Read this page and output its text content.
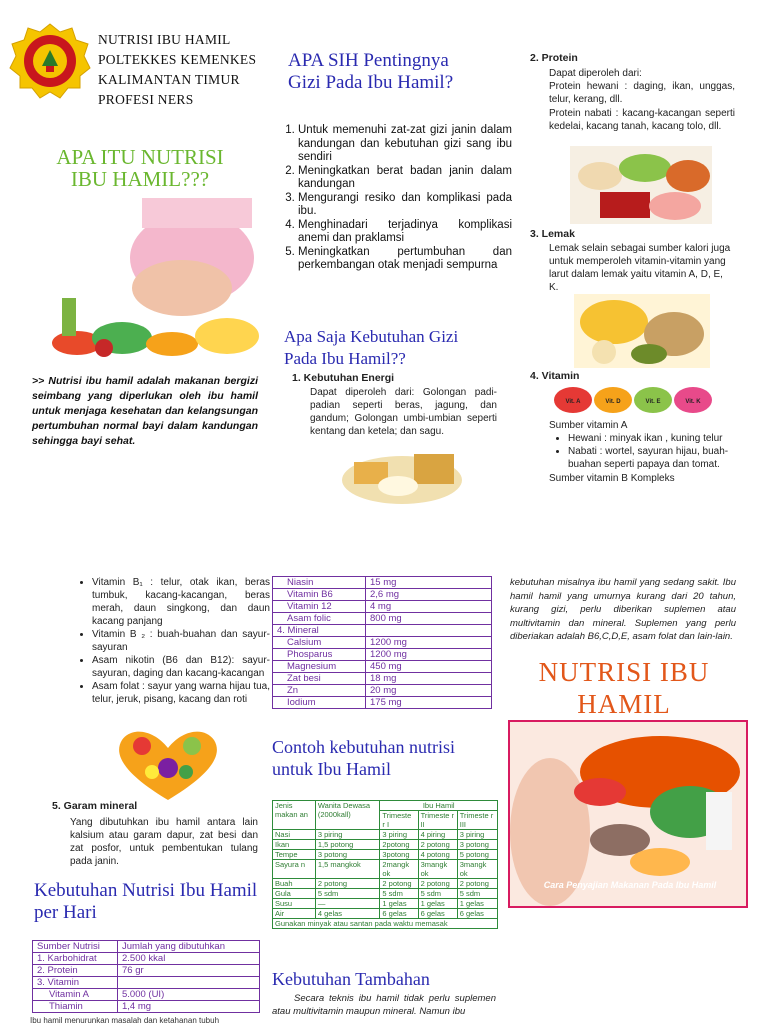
NUTRISI IBU HAMIL
POLTEKKES KEMENKES
KALIMANTAN TIMUR
PROFESI NERS
APA ITU NUTRISI IBU HAMIL???
>> Nutrisi ibu hamil adalah makanan bergizi seimbang yang diperlukan oleh ibu hamil untuk menjaga kesehatan dan kelangsungan pertumbuhan normal bayi dalam kandungan sehingga bayi sehat.
APA SIH Pentingnya Gizi Pada Ibu Hamil?
1. Untuk memenuhi zat-zat gizi janin dalam kandungan dan kebutuhan gizi sang ibu sendiri
2. Meningkatkan berat badan janin dalam kandungan
3. Mengurangi resiko dan komplikasi pada ibu.
4. Menghinadari terjadinya komplikasi anemi dan praklamsi
5. Meningkatkan pertumbuhan dan perkembangan otak menjadi sempurna
Apa Saja Kebutuhan Gizi Pada Ibu Hamil??
1. Kebutuhan Energi
Dapat diperoleh dari: Golongan padi-padian seperti beras, jagung, dan gandum; Golongan umbi-umbian seperti kentang dan ketela; dan sagu.
2. Protein
Dapat diperoleh dari:
Protein hewani : daging, ikan, unggas, telur, kerang, dll.
Protein nabati : kacang-kacangan seperti kedelai, kacang tanah, kacang tolo, dll.
3. Lemak
Lemak selain sebagai sumber kalori juga untuk memperoleh vitamin-vitamin yang larut dalam lemak yaitu vitamin A, D, E, K.
4. Vitamin
Vit. A	Vit. D	Vit. E	Vit. K
Sumber vitamin A
• Hewani : minyak ikan , kuning telur
• Nabati : wortel, sayuran hijau, buah-buahan seperti papaya dan tomat.
Sumber vitamin B Kompleks
• Vitamin B₁ : telur, otak ikan, beras tumbuk, kacang-kacangan, beras merah, daun singkong, dan daun kacang panjang
• Vitamin B ₂ : buah-buahan dan sayur-sayuran
• Asam nikotin (B6 dan B12): sayur-sayuran, daging dan kacang-kacangan
• Asam folat : sayur yang warna hijau tua, telur, jeruk, pisang, kacang dan roti
5. Garam mineral
Yang dibutuhkan ibu hamil antara lain kalsium atau garam dapur, zat besi dan zat posfor, untuk pembentukan tulang pada janin.
Kebutuhan Nutrisi Ibu Hamil per Hari
Sumber Nutrisi	Jumlah yang dibutuhkan
1. Karbohidrat	2.500 kkal
2. Protein	76 gr
3. Vitamin	
Vitamin A	5.000 (UI)
Thiamin	1,4 mg
Ibu hamil menurunkan masalah dan ketahanan tubuh
Niasin	15 mg
Vitamin B6	2,6 mg
Vitamin 12	4 mg
Asam folic	800 mg
4. Mineral	
Calsium	1200 mg
Phosparus	1200 mg
Magnesium	450 mg
Zat besi	18 mg
Zn	20 mg
Iodium	175 mg
Contoh kebutuhan nutrisi untuk Ibu Hamil
Jenis makan an	Wanita Dewasa (2000kall)	Ibu Hamil		
		Trimeste r I	Trimeste r II	Trimeste r III
Nasi	3 piring	3 piring	4 piring	3 piring
Ikan	1,5 potong	2potong	2 potong	3 potong
Tempe	3 potong	3potong	4 potong	5 potong
Sayura n	1,5 mangkok	2mangk ok	3mangk ok	3mangk ok
Buah	2 potong	2 potong	2 potong	2 potong
Gula	5 sdm	5 sdm	5 sdm	5 sdm
Susu	—	1 gelas	1 gelas	1 gelas
Air	4 gelas	6 gelas	6 gelas	6 gelas
Gunakan minyak atau santan pada waktu memasak				
Kebutuhan Tambahan
Secara teknis ibu hamil tidak perlu suplemen atau multivitamin maupun mineral. Namun ibu
kebutuhan misalnya ibu hamil yang sedang sakit. Ibu hamil hamil yang umurnya kurang dari 20 tahun, kurang gizi, perlu diberikan suplemen atau multivitamin dan mineral. Suplemen yang perlu diberiakan adalah B6,C,D,E, asam folat dan lain-lain.
NUTRISI IBU HAMIL
Cara Penyajian Makanan Pada Ibu Hamil
